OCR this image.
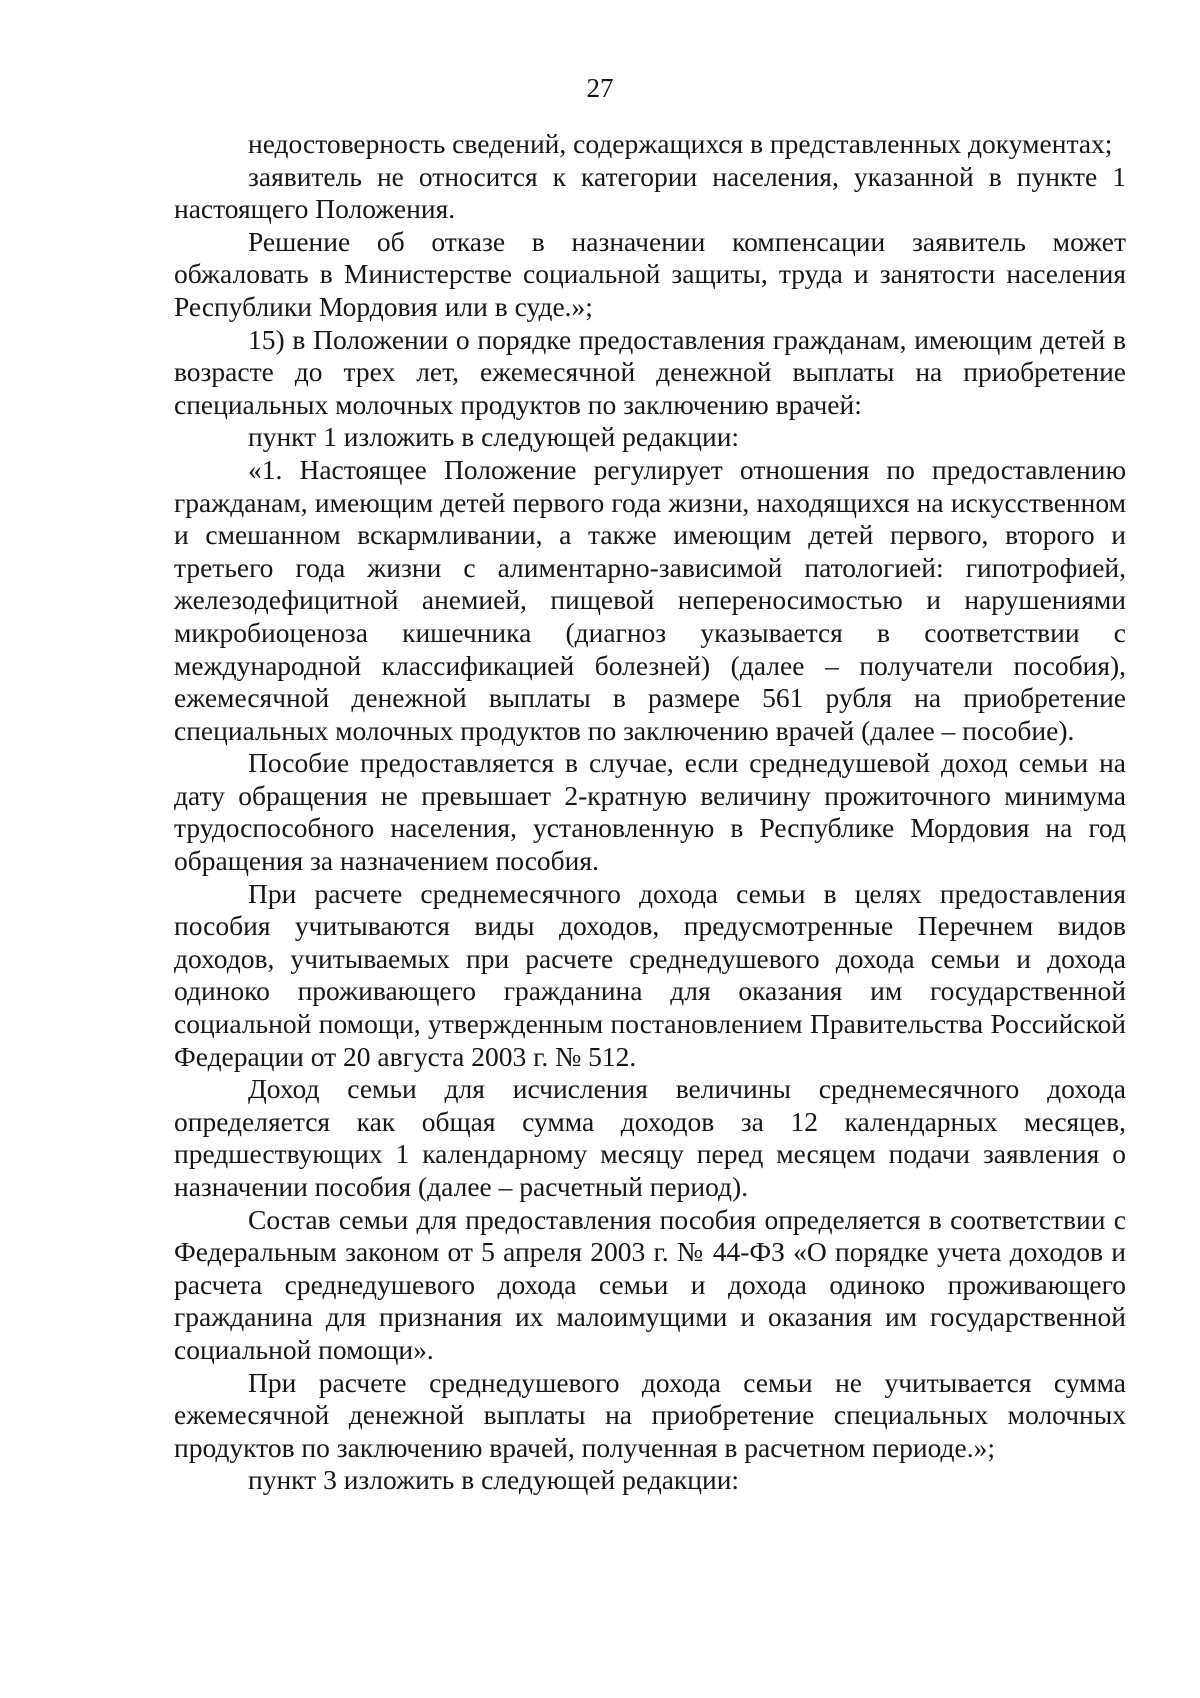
27

недостоверность сведений, содержащихся в представленных документах;

заявитель не относится к категории населения, указанной в пункте 1 настоящего Положения.

Решение об отказе в назначении компенсации заявитель может обжаловать в Министерстве социальной защиты, труда и занятости населения Республики Мордовия или в суде.»;

15) в Положении о порядке предоставления гражданам, имеющим детей в возрасте до трех лет, ежемесячной денежной выплаты на приобретение специальных молочных продуктов по заключению врачей:

пункт 1 изложить в следующей редакции:

«1. Настоящее Положение регулирует отношения по предоставлению гражданам, имеющим детей первого года жизни, находящихся на искусственном и смешанном вскармливании, а также имеющим детей первого, второго и третьего года жизни с алиментарно-зависимой патологией: гипотрофией, железодефицитной анемией, пищевой непереносимостью и нарушениями микробиоценоза кишечника (диагноз указывается в соответствии с международной классификацией болезней) (далее – получатели пособия), ежемесячной денежной выплаты в размере 561 рубля на приобретение специальных молочных продуктов по заключению врачей (далее – пособие).

Пособие предоставляется в случае, если среднедушевой доход семьи на дату обращения не превышает 2-кратную величину прожиточного минимума трудоспособного населения, установленную в Республике Мордовия на год обращения за назначением пособия.

При расчете среднемесячного дохода семьи в целях предоставления пособия учитываются виды доходов, предусмотренные Перечнем видов доходов, учитываемых при расчете среднедушевого дохода семьи и дохода одиноко проживающего гражданина для оказания им государственной социальной помощи, утвержденным постановлением Правительства Российской Федерации от 20 августа 2003 г. № 512.

Доход семьи для исчисления величины среднемесячного дохода определяется как общая сумма доходов за 12 календарных месяцев, предшествующих 1 календарному месяцу перед месяцем подачи заявления о назначении пособия (далее – расчетный период).

Состав семьи для предоставления пособия определяется в соответствии с Федеральным законом от 5 апреля 2003 г. № 44-ФЗ «О порядке учета доходов и расчета среднедушевого дохода семьи и дохода одиноко проживающего гражданина для признания их малоимущими и оказания им государственной социальной помощи».

При расчете среднедушевого дохода семьи не учитывается сумма ежемесячной денежной выплаты на приобретение специальных молочных продуктов по заключению врачей, полученная в расчетном периоде.»;

пункт 3 изложить в следующей редакции:
